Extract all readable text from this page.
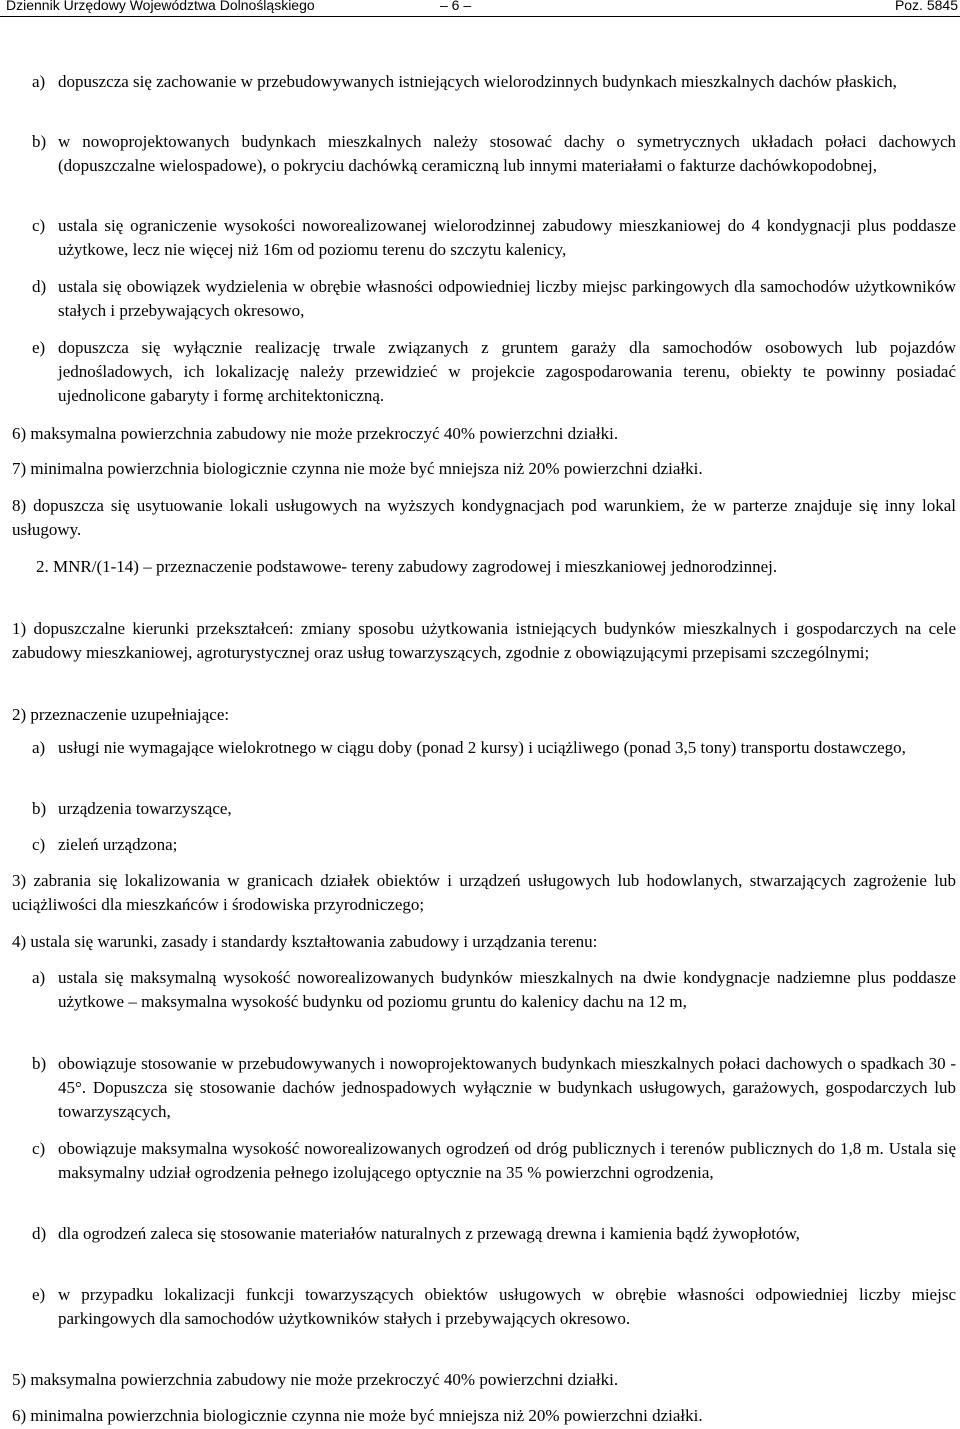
Dziennik Urzędowy Województwa Dolnośląskiego	– 6 –	Poz. 5845

a) dopuszcza się zachowanie w przebudowywanych istniejących wielorodzinnych budynkach mieszkalnych dachów płaskich,

b) w nowoprojektowanych budynkach mieszkalnych należy stosować dachy o symetrycznych układach połaci dachowych (dopuszczalne wielospadowe), o pokryciu dachówką ceramiczną lub innymi materiałami o fakturze dachówkopodobnej,

c) ustala się ograniczenie wysokości noworealizowanej wielorodzinnej zabudowy mieszkaniowej do 4 kondygnacji plus poddasze użytkowe, lecz nie więcej niż 16m od poziomu terenu do szczytu kalenicy,

d) ustala się obowiązek wydzielenia w obrębie własności odpowiedniej liczby miejsc parkingowych dla samochodów użytkowników stałych i przebywających okresowo,

e) dopuszcza się wyłącznie realizację trwale związanych z gruntem garaży dla samochodów osobowych lub pojazdów jednośladowych, ich lokalizację należy przewidzieć w projekcie zagospodarowania terenu, obiekty te powinny posiadać ujednolicone gabaryty i formę architektoniczną.

6) maksymalna powierzchnia zabudowy nie może przekroczyć 40% powierzchni działki.

7) minimalna powierzchnia biologicznie czynna nie może być mniejsza niż 20% powierzchni działki.

8) dopuszcza się usytuowanie lokali usługowych na wyższych kondygnacjach pod warunkiem, że w parterze znajduje się inny lokal usługowy.

2. MNR/(1-14) – przeznaczenie podstawowe- tereny zabudowy zagrodowej i mieszkaniowej jednorodzinnej.

1) dopuszczalne kierunki przekształceń: zmiany sposobu użytkowania istniejących budynków mieszkalnych i gospodarczych na cele zabudowy mieszkaniowej, agroturystycznej oraz usług towarzyszących, zgodnie z obowiązującymi przepisami szczególnymi;

2) przeznaczenie uzupełniające:

a) usługi nie wymagające wielokrotnego w ciągu doby (ponad 2 kursy) i uciążliwego (ponad 3,5 tony) transportu dostawczego,

b) urządzenia towarzyszące,

c) zieleń urządzona;

3) zabrania się lokalizowania w granicach działek obiektów i urządzeń usługowych lub hodowlanych, stwarzających zagrożenie lub uciążliwości dla mieszkańców i środowiska przyrodniczego;

4) ustala się warunki, zasady i standardy kształtowania zabudowy i urządzania terenu:

a) ustala się maksymalną wysokość noworealizowanych budynków mieszkalnych na dwie kondygnacje nadziemne plus poddasze użytkowe – maksymalna wysokość budynku od poziomu gruntu do kalenicy dachu na 12 m,

b) obowiązuje stosowanie w przebudowywanych i nowoprojektowanych budynkach mieszkalnych połaci dachowych o spadkach 30 - 45°. Dopuszcza się stosowanie dachów jednospadowych wyłącznie w budynkach usługowych, garażowych, gospodarczych lub towarzyszących,

c) obowiązuje maksymalna wysokość noworealizowanych ogrodzeń od dróg publicznych i terenów publicznych do 1,8 m. Ustala się maksymalny udział ogrodzenia pełnego izolującego optycznie na 35 % powierzchni ogrodzenia,

d) dla ogrodzeń zaleca się stosowanie materiałów naturalnych z przewagą drewna i kamienia bądź żywopłotów,

e) w przypadku lokalizacji funkcji towarzyszących obiektów usługowych w obrębie własności odpowiedniej liczby miejsc parkingowych dla samochodów użytkowników stałych i przebywających okresowo.

5) maksymalna powierzchnia zabudowy nie może przekroczyć 40% powierzchni działki.

6) minimalna powierzchnia biologicznie czynna nie może być mniejsza niż 20% powierzchni działki.
